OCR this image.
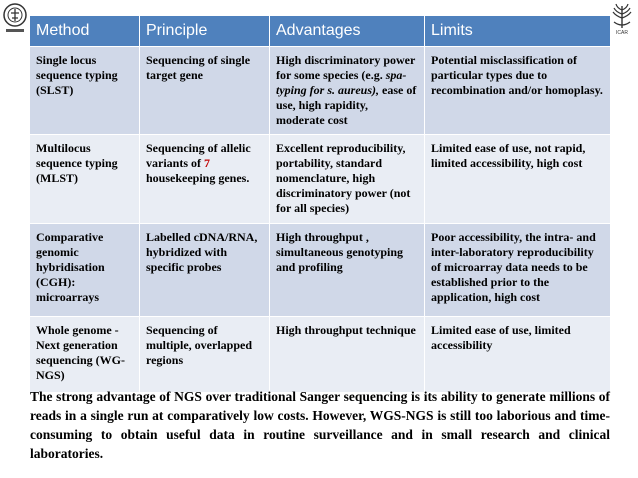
ICAR
Method	Principle	Advantages	Limits
Single locus sequence typing (SLST)	Sequencing of single target gene	High discriminatory power for some species (e.g. spa-typing for s. aureus), ease of use, high rapidity, moderate cost	Potential misclassification of particular types due to recombination and/or homoplasy.
Multilocus sequence typing (MLST)	Sequencing of allelic variants of 7 housekeeping genes.	Excellent reproducibility, portability, standard nomenclature, high discriminatory power (not for all species)	Limited ease of use, not rapid, limited accessibility, high cost
Comparative genomic hybridisation (CGH): microarrays	Labelled cDNA/RNA, hybridized with specific probes	High throughput , simultaneous genotyping and profiling	Poor accessibility, the intra- and inter-laboratory reproducibility of microarray data needs to be established prior to the application, high cost
Whole genome - Next generation sequencing (WG-NGS)	Sequencing of multiple, overlapped regions	High throughput technique	Limited ease of use, limited accessibility
The strong advantage of NGS over traditional Sanger sequencing is its ability to generate millions of reads in a single run at comparatively low costs. However, WGS-NGS is still too laborious and time-consuming to obtain useful data in routine surveillance and in small research and clinical laboratories.
